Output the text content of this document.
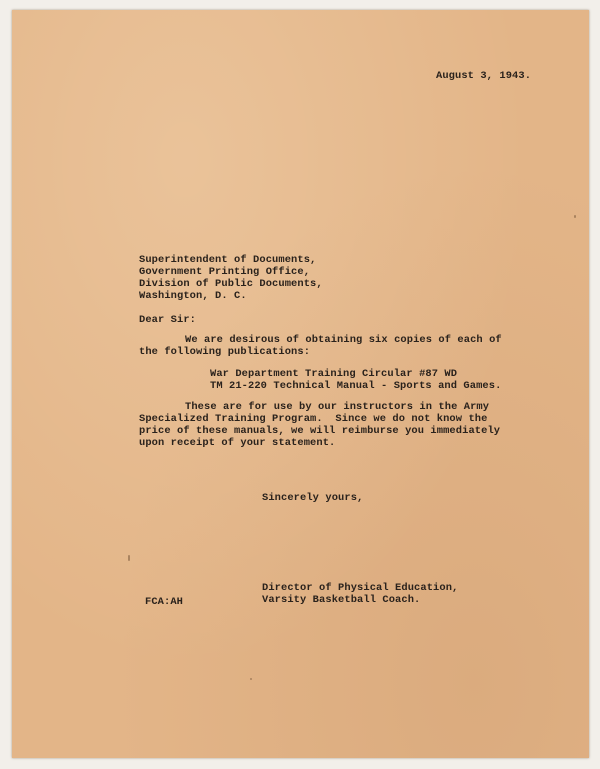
August 3, 1943.
Superintendent of Documents,
Government Printing Office,
Division of Public Documents,
Washington, D. C.
Dear Sir:
We are desirous of obtaining six copies of each of
the following publications:
War Department Training Circular #87 WD
TM 21-220 Technical Manual - Sports and Games.
These are for use by our instructors in the Army
Specialized Training Program.  Since we do not know the
price of these manuals, we will reimburse you immediately
upon receipt of your statement.
Sincerely yours,
Director of Physical Education,
Varsity Basketball Coach.
FCA:AH
